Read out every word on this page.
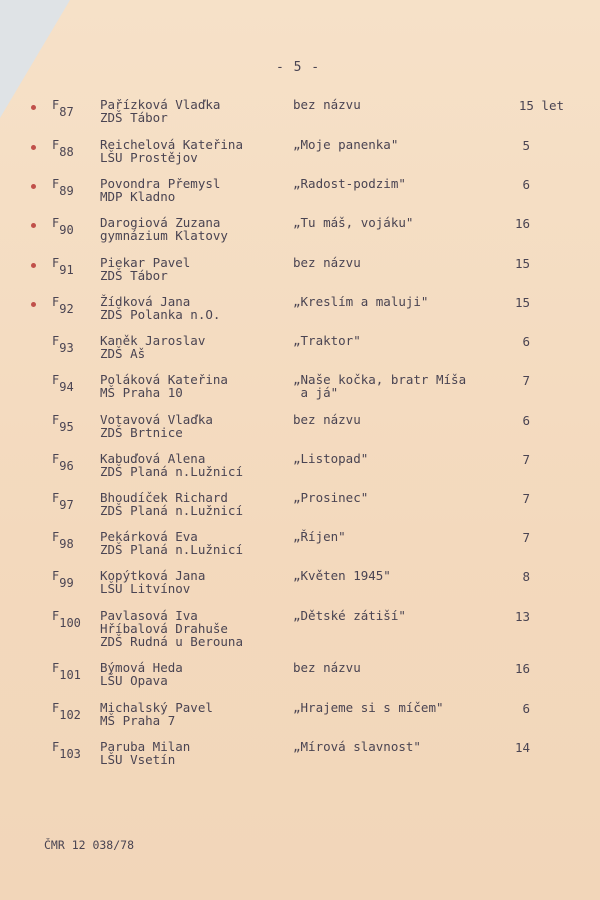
- 5 -
F87 Pařízková Vlaďka
ZDŠ Tábor
bez názvu	15 let
F88 Reichelová Kateřina
LŠU Prostějov
„Moje panenka"	5
F89 Povondra Přemysl
MDP Kladno
„Radost-podzim"	6
F90 Darogiová Zuzana
gymnázium Klatovy
„Tu máš, vojáku"	16
F91 Piekar Pavel
ZDŠ Tábor
bez názvu	15
F92 Žídková Jana
ZDŠ Polanka n.O.
„Kreslím a maluji"	15
F93 Kaněk Jaroslav
ZDŠ Aš
„Traktor"	6
F94 Poláková Kateřina
MŠ Praha 10
„Naše kočka, bratr Míša
a já"
7
F95 Votavová Vlaďka
ZDŠ Brtnice
bez názvu	6
F96 Kabuďová Alena
ZDŠ Planá n.Lužnicí
„Listopad"	7
F97 Bhoudíček Richard
ZDŠ Planá n.Lužnicí
„Prosinec"	7
F98 Pekárková Eva
ZDŠ Planá n.Lužnicí
„Říjen"	7
F99 Kopýtková Jana
LŠU Litvínov
„Květen 1945"	8
F100 Pavlasová Iva
Hříbalová Drahuše
ZDŠ Rudná u Berouna
„Dětské zátiší"	13
F101 Býmová Heda
LŠU Opava
bez názvu	16
F102 Michalský Pavel
MŠ Praha 7
„Hrajeme si s míčem"	6
F103 Paruba Milan
LŠU Vsetín
„Mírová slavnost"	14
ČMR 12 038/78
